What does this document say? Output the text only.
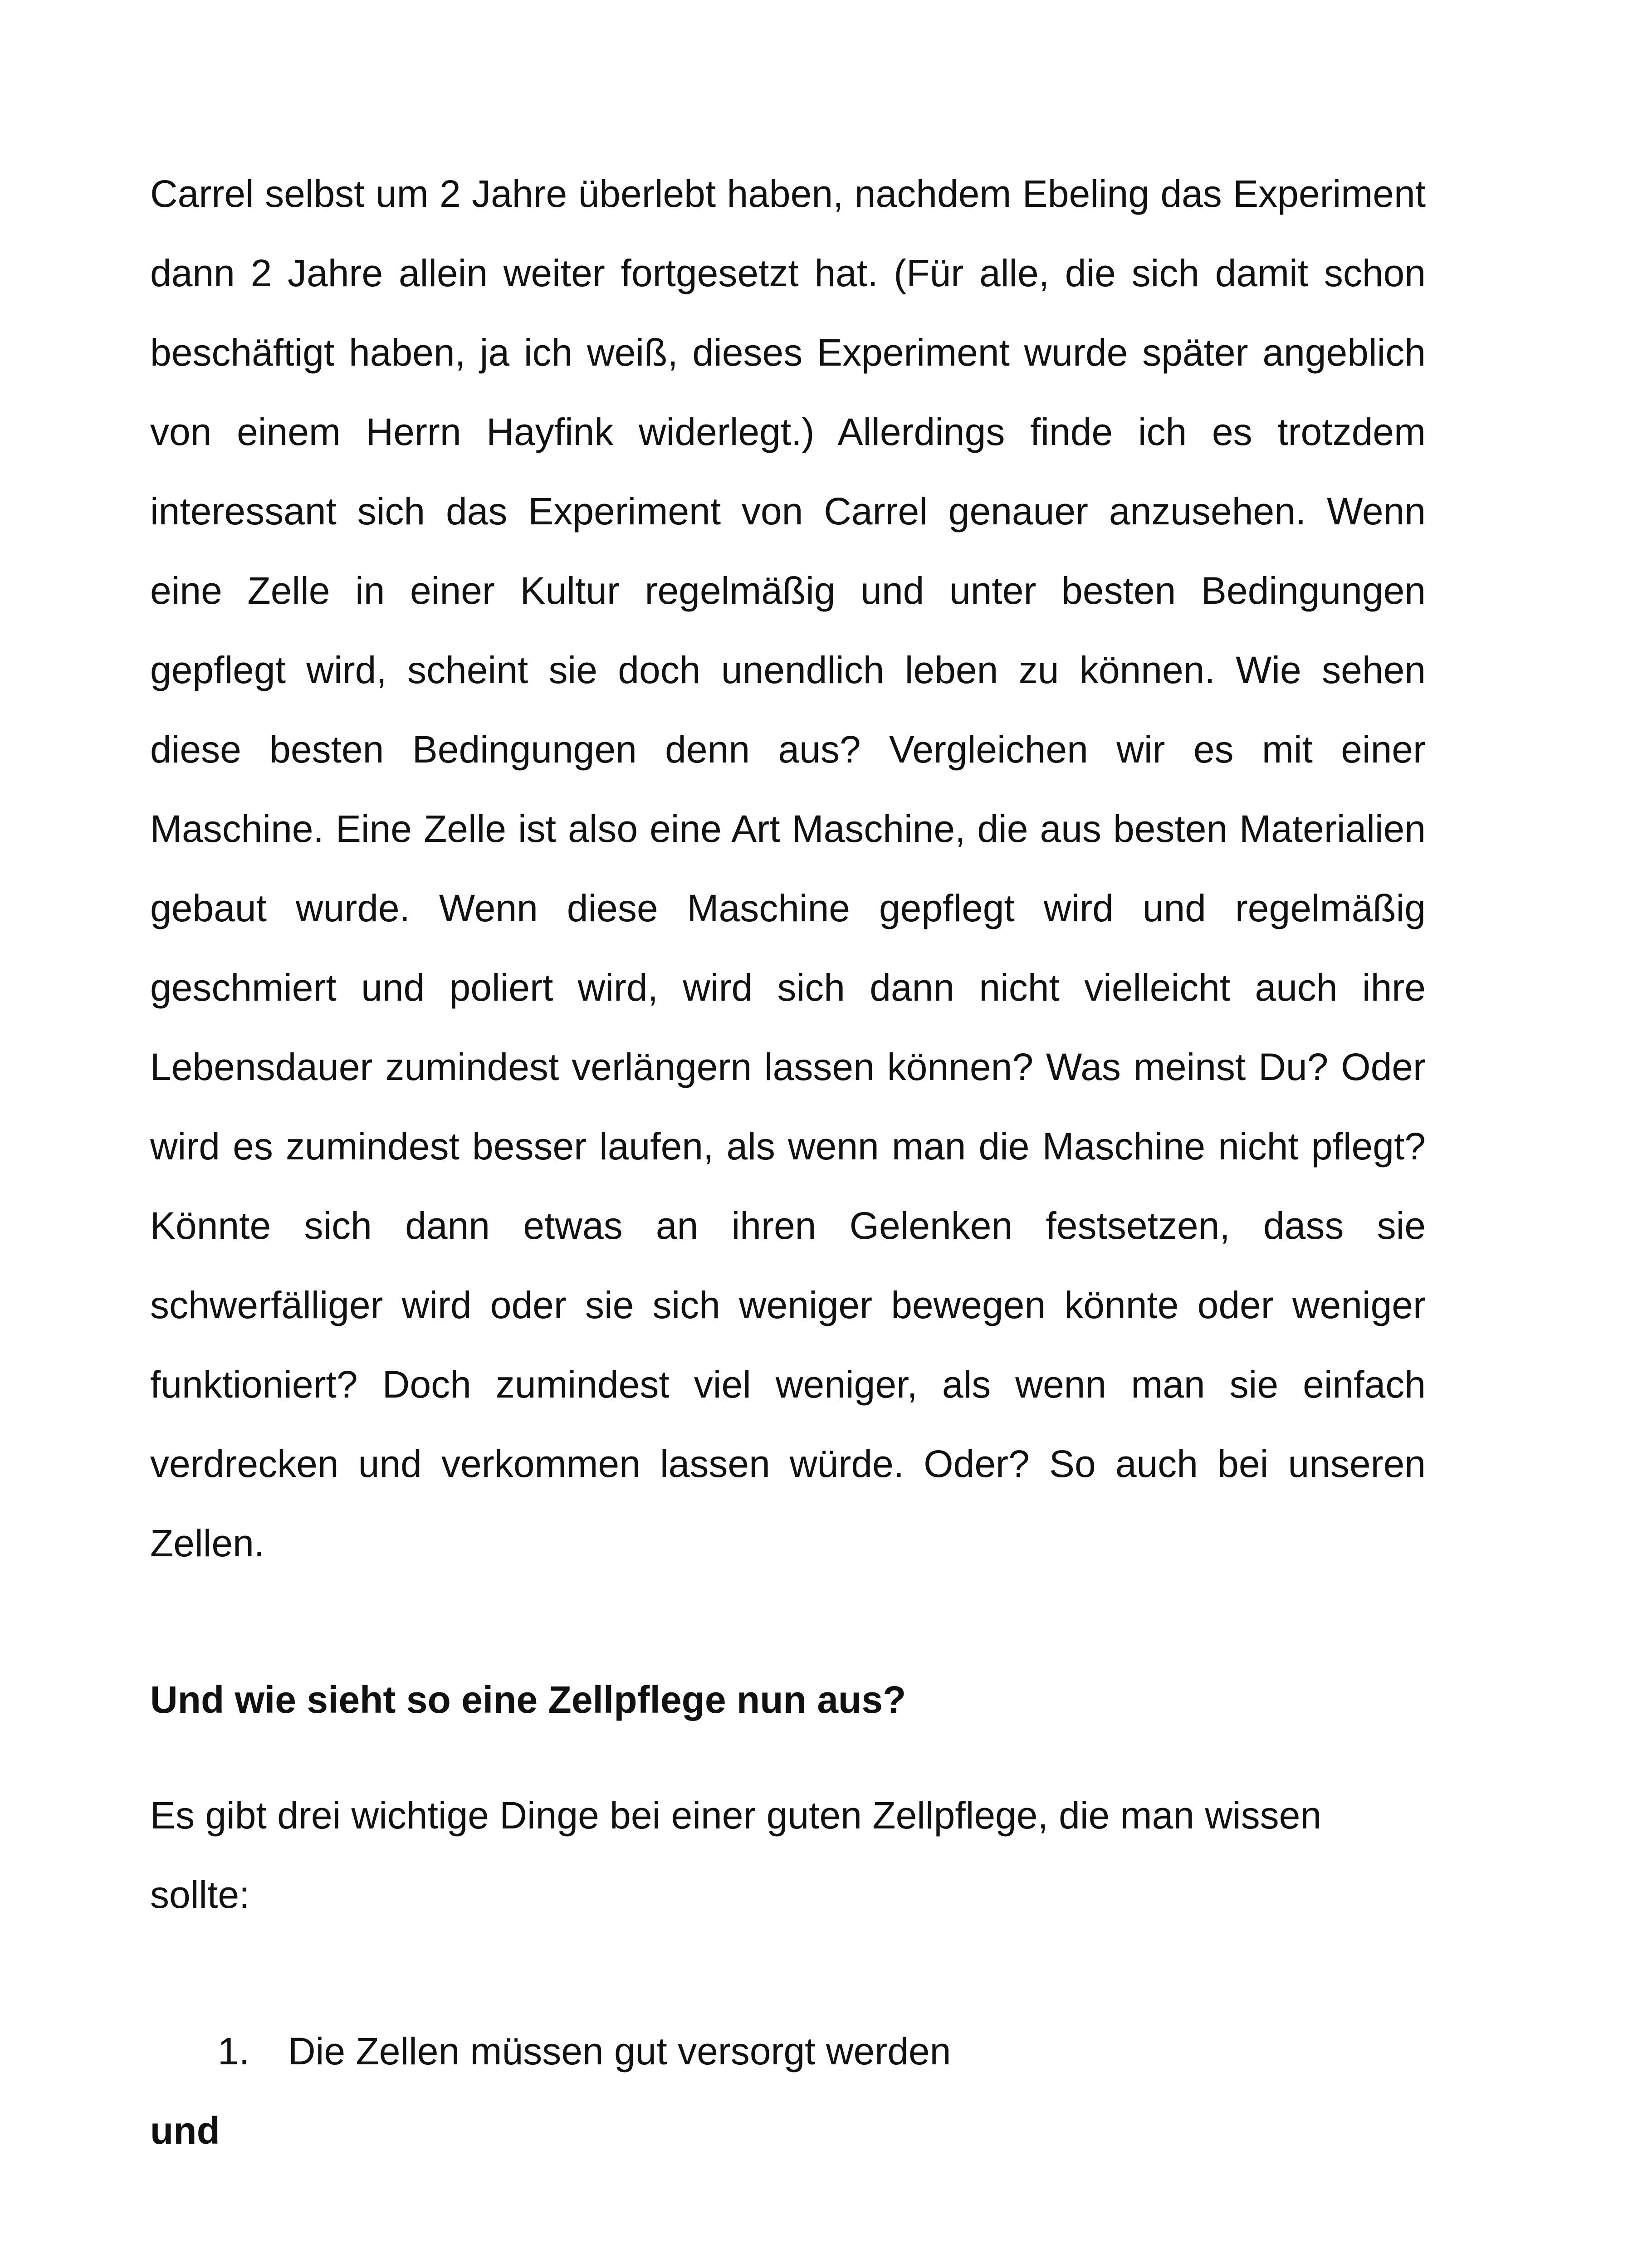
Carrel selbst um 2 Jahre überlebt haben, nachdem Ebeling das Experiment dann 2 Jahre allein weiter fortgesetzt hat. (Für alle, die sich damit schon beschäftigt haben, ja ich weiß, dieses Experiment wurde später angeblich von einem Herrn Hayfink widerlegt.) Allerdings finde ich es trotzdem interessant sich das Experiment von Carrel genauer anzusehen. Wenn eine Zelle in einer Kultur regelmäßig und unter besten Bedingungen gepflegt wird, scheint sie doch unendlich leben zu können. Wie sehen diese besten Bedingungen denn aus? Vergleichen wir es mit einer Maschine. Eine Zelle ist also eine Art Maschine, die aus besten Materialien gebaut wurde. Wenn diese Maschine gepflegt wird und regelmäßig geschmiert und poliert wird, wird sich dann nicht vielleicht auch ihre Lebensdauer zumindest verlängern lassen können? Was meinst Du? Oder wird es zumindest besser laufen, als wenn man die Maschine nicht pflegt? Könnte sich dann etwas an ihren Gelenken festsetzen, dass sie schwerfälliger wird oder sie sich weniger bewegen könnte oder weniger funktioniert? Doch zumindest viel weniger, als wenn man sie einfach verdrecken und verkommen lassen würde. Oder? So auch bei unseren Zellen.

Und wie sieht so eine Zellpflege nun aus?

Es gibt drei wichtige Dinge bei einer guten Zellpflege, die man wissen sollte:

1.	Die Zellen müssen gut versorgt werden

und
